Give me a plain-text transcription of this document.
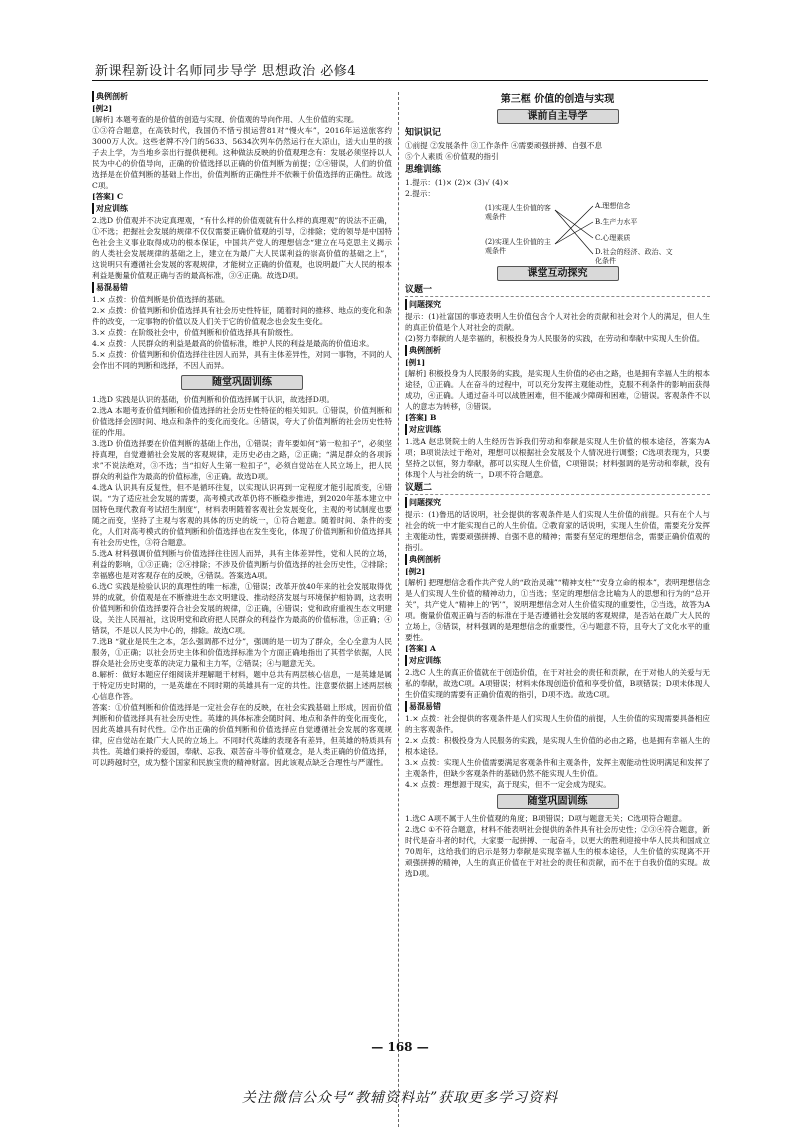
新课程新设计名师同步导学 思想政治 必修4
典例剖析

[例2]

[解析] 本题考查的是价值的创造与实现、价值观的导向作用、人生价值的实现。

①③符合题意，在高铁时代，我国仍不惜亏损运营81对“慢火车”，2016年运送旅客约3000万人次。这些老牌不冷门的5633、5634次列车仍然运行在大凉山，送大山里的孩子去上学，为当地乡亲出行提供便利。这种做法反映的价值观理念有：发展必须坚持以人民为中心的价值导向，正确的价值选择以正确的价值判断为前提；②④错误，人们的价值选择是在价值判断的基础上作出，价值判断的正确性并不依赖于价值选择的正确性。故选C项。

[答案] C

对应训练

2.选D 价值观并不决定真理观，“有什么样的价值观就有什么样的真理观”的说法不正确，①不选；把握社会发展的规律不仅仅需要正确价值观的引导，②排除；党的领导是中国特色社会主义事业取得成功的根本保证，中国共产党人的理想信念“建立在马克思主义揭示的人类社会发展规律的基础之上，建立在为最广大人民谋利益的崇高价值的基础之上”，这说明只有遵循社会发展的客观规律，才能树立正确的价值观，也说明最广大人民的根本利益是衡量价值观正确与否的最高标准，③④正确。故选D项。

易混易错

1.× 点拨：价值判断是价值选择的基础。

2.× 点拨：价值判断和价值选择具有社会历史性特征，随着时间的推移、地点的变化和条件的改变，一定事物的价值以及人们关于它的价值观念也会发生变化。

3.× 点拨：在阶级社会中，价值判断和价值选择具有阶级性。

4.× 点拨：人民群众的利益是最高的价值标准，维护人民的利益是最高的价值追求。

5.× 点拨：价值判断和价值选择往往因人而异，具有主体差异性，对同一事物，不同的人会作出不同的判断和选择，不因人而异。

随堂巩固训练

1.选D 实践是认识的基础，价值判断和价值选择属于认识，故选择D项。

2.选A 本题考查价值判断和价值选择的社会历史性特征的相关知识。①错误，价值判断和价值选择会因时间、地点和条件的变化而变化。④错误，夸大了价值判断的社会历史性特征的作用。

3.选D 价值选择要在价值判断的基础上作出，①错误；青年要如何“第一粒扣子”，必须坚持真理，自觉遵循社会发展的客观规律，走历史必由之路，②正确；“满足群众的各项诉求”不说法绝对，③不选；当“扣好人生第一粒扣子”，必须自觉站在人民立场上，把人民群众的利益作为最高的价值标准，④正确。故选D项。

4.选A 认识具有反复性，但不是循环往复，以实现认识再到一定程度才能引起质变，④错误。“为了适应社会发展的需要，高考模式改革仍将不断稳步推进，到2020年基本建立中国特色现代教育考试招生制度”，材料表明随着客观社会发展变化，主观的考试制度也要随之而变，坚持了主观与客观的具体的历史的统一，①符合题意。随着时间、条件的变化，人们对高考模式的价值判断和价值选择也在发生变化，体现了价值判断和价值选择具有社会历史性，③符合题意。

5.选A 材料强调价值判断与价值选择往往因人而异，具有主体差异性，党和人民的立场，利益的影响，①③正确；②④排除；不涉及价值判断与价值选择的社会历史性，②排除；幸福感也是对客观存在的反映，④错误。答案选A项。

6.选C 实践是检验认识的真理性的唯一标准，①错误；改革开放40年来的社会发展取得优异的成就，价值观是在不断推进生态文明建设、推动经济发展与环境保护相协调，这表明价值判断和价值选择要符合社会发展的规律，②正确，④错误；党和政府重视生态文明建设，关注人民福祉，这说明党和政府把人民群众的利益作为最高的价值标准，③正确；④错误，不是以人民为中心的，排除。故选C项。

7.选B “就业是民生之本，怎么强调都不过分”，强调的是一切为了群众，全心全意为人民服务，①正确；以社会历史主体和价值选择标准为个方面正确地指出了其哲学依据，人民群众是社会历史变革的决定力量和主力军，②错误；④与题意无关。

8.解析：做好本题应仔细阅读并理解题干材料，题中总共有两层核心信息，一是英雄是属于特定历史时期的，一是英雄在不同时期的英雄具有一定的共性。注意要依据上述两层核心信息作答。

答案：①价值判断和价值选择是一定社会存在的反映，在社会实践基础上形成，因而价值判断和价值选择具有社会历史性。英雄的具体标准会随时间、地点和条件的变化而变化，因此英雄具有时代性。②作出正确的价值判断和价值选择应自觉遵循社会发展的客观规律，应自觉站在最广大人民的立场上。不同时代英雄的表现各有差异，但英雄的特质具有共性。英雄们秉持的爱国，奉献、忘我、艰苦奋斗等价值观念，是人类正确的价值选择，可以跨越时空，成为整个国家和民族宝贵的精神财富。因此该观点缺乏合理性与严谨性。

第三框 价值的创造与实现
课前自主导学
知识识记

①前提 ②发展条件 ③工作条件 ④需要顽强拼搏、自强不息

⑤个人素质 ⑥价值观的指引

思维训练

1.提示：(1)× (2)× (3)√ (4)×

2.提示：

(1)实现人生价值的客观条件
(2)实现人生价值的主观条件
A.理想信念
B.生产力水平
C.心理素质
D.社会的经济、政治、文化条件
课堂互动探究
议题一
问题探究

提示：(1)社富国的事迹表明人生价值包含个人对社会的贡献和社会对个人的满足，但人生的真正价值是个人对社会的贡献。

(2)努力奉献的人是幸福的，积极投身为人民服务的实践，在劳动和奉献中实现人生价值。

典例剖析

[例1]

[解析] 积极投身为人民服务的实践，是实现人生价值的必由之路，也是拥有幸福人生的根本途径，①正确。人在奋斗的过程中，可以充分发挥主观能动性，克服不利条件的影响而获得成功，④正确。人通过奋斗可以战胜困难，但不能减少障碍和困难，②错误。客观条件不以人的意志为转移，③错误。

[答案] B

对应训练

1.选A 赵忠贤院士的人生经历告诉我们劳动和奉献是实现人生价值的根本途径，答案为A项；B项说法过于绝对，理想可以根据社会发展及个人情况进行调整；C选项表现为，只要坚持之以恒，努力奉献，都可以实现人生价值，C项错误；材料强调的是劳动和奉献，没有体现个人与社会的统一，D项不符合题意。

议题二
问题探究

提示：(1)鲁迅的话说明，社会提供的客观条件是人们实现人生价值的前提。只有在个人与社会的统一中才能实现自己的人生价值。②教育家的话说明，实现人生价值，需要充分发挥主观能动性，需要顽强拼搏、自强不息的精神；需要有坚定的理想信念，需要正确价值观的指引。

典例剖析

[例2]

[解析] 把理想信念看作共产党人的“政治灵魂”“精神支柱”“安身立命的根本”，表明理想信念是人们实现人生价值的精神动力，①当选；坚定的理想信念比喻为人的思想和行为的“总开关”，共产党人“精神上的‘钙’”，说明理想信念对人生价值实现的重要性，②当选，故答为A项。衡量价值观正确与否的标准在于是否遵循社会发展的客观规律，是否站在最广大人民的立场上，③错误，材料强调的是理想信念的重要性，④与题意不符，且夸大了文化水平的重要性。

[答案] A

对应训练

2.选C 人生的真正价值就在于创造价值，在于对社会的责任和贡献，在于对他人的关爱与无私的奉献，故选C项。A项错误；材料未体现创造价值和享受价值，B项错误；D项未体现人生价值实现的需要有正确价值观的指引，D项不选。故选C项。

易混易错

1.× 点拨：社会提供的客观条件是人们实现人生价值的前提，人生价值的实现需要具备相应的主客观条件。

2.× 点拨：积极投身为人民服务的实践，是实现人生价值的必由之路，也是拥有幸福人生的根本途径。

3.× 点拨：实现人生价值需要满足客观条件和主观条件，发挥主观能动性说明满足和发挥了主观条件，但缺少客观条件的基础仍然不能实现人生价值。

4.× 点拨：理想源于现实，高于现实，但不一定会成为现实。

随堂巩固训练

1.选C A项不属于人生价值观的角度；B项错误；D项与题意无关；C选项符合题意。

2.选C ①不符合题意，材料不能表明社会提供的条件具有社会历史性；②③④符合题意，新时代是奋斗者的时代，大家要一起拼搏、一起奋斗，以更大的胜利迎接中华人民共和国成立70周年，这给我们的启示是努力奉献是实现幸福人生的根本途径，人生价值的实现离不开顽强拼搏的精神，人生的真正价值在于对社会的责任和贡献，而不在于自我价值的实现。故选D项。

— 168 —
关注微信公众号“教辅资料站”获取更多学习资料
